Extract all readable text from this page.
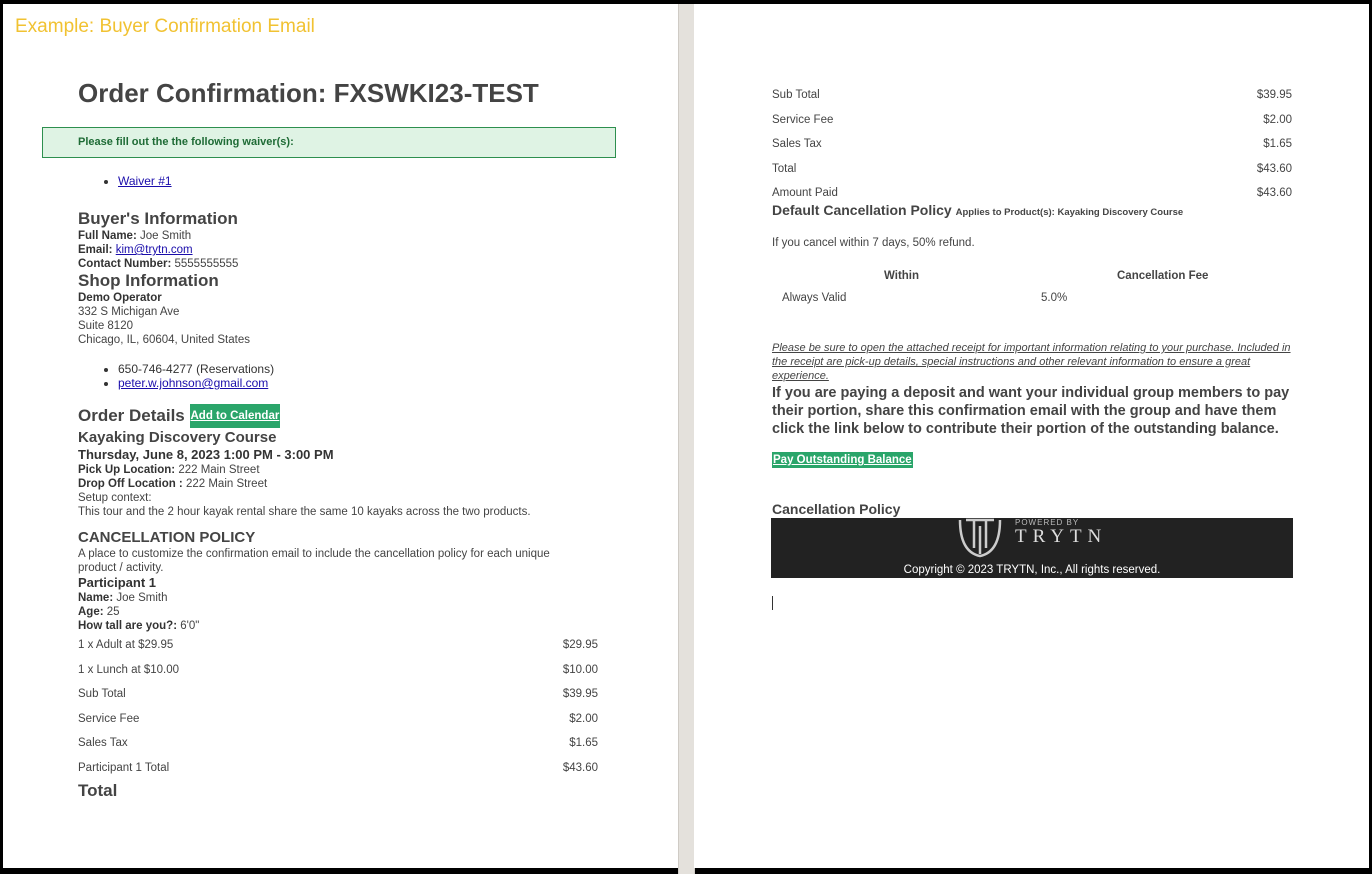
Example: Buyer Confirmation Email
Order Confirmation: FXSWKI23-TEST
Please fill out the the following waiver(s):
• Waiver #1
Buyer's Information
Full Name: Joe Smith
Email: kim@trytn.com
Contact Number: 5555555555
Shop Information
Demo Operator
332 S Michigan Ave
Suite 8120
Chicago, IL, 60604, United States
• 650-746-4277 (Reservations)
• peter.w.johnson@gmail.com
Order Details Add to Calendar
Kayaking Discovery Course
Thursday, June 8, 2023 1:00 PM - 3:00 PM
Pick Up Location: 222 Main Street
Drop Off Location : 222 Main Street
Setup context:
This tour and the 2 hour kayak rental share the same 10 kayaks across the two products.
CANCELLATION POLICY
A place to customize the confirmation email to include the cancellation policy for each unique product / activity.
Participant 1
Name: Joe Smith
Age: 25
How tall are you?: 6'0"
1 x Adult at $29.95	$29.95
1 x Lunch at $10.00	$10.00
Sub Total	$39.95
Service Fee	$2.00
Sales Tax	$1.65
Participant 1 Total	$43.60
Total
Sub Total	$39.95
Service Fee	$2.00
Sales Tax	$1.65
Total	$43.60
Amount Paid	$43.60
Default Cancellation Policy Applies to Product(s): Kayaking Discovery Course
If you cancel within 7 days, 50% refund.
Within	Cancellation Fee
Always Valid	5.0%
Please be sure to open the attached receipt for important information relating to your purchase. Included in the receipt are pick-up details, special instructions and other relevant information to ensure a great experience.
If you are paying a deposit and want your individual group members to pay their portion, share this confirmation email with the group and have them click the link below to contribute their portion of the outstanding balance.
Pay Outstanding Balance
Cancellation Policy
POWERED BY
TRYTN
Copyright © 2023 TRYTN, Inc., All rights reserved.
